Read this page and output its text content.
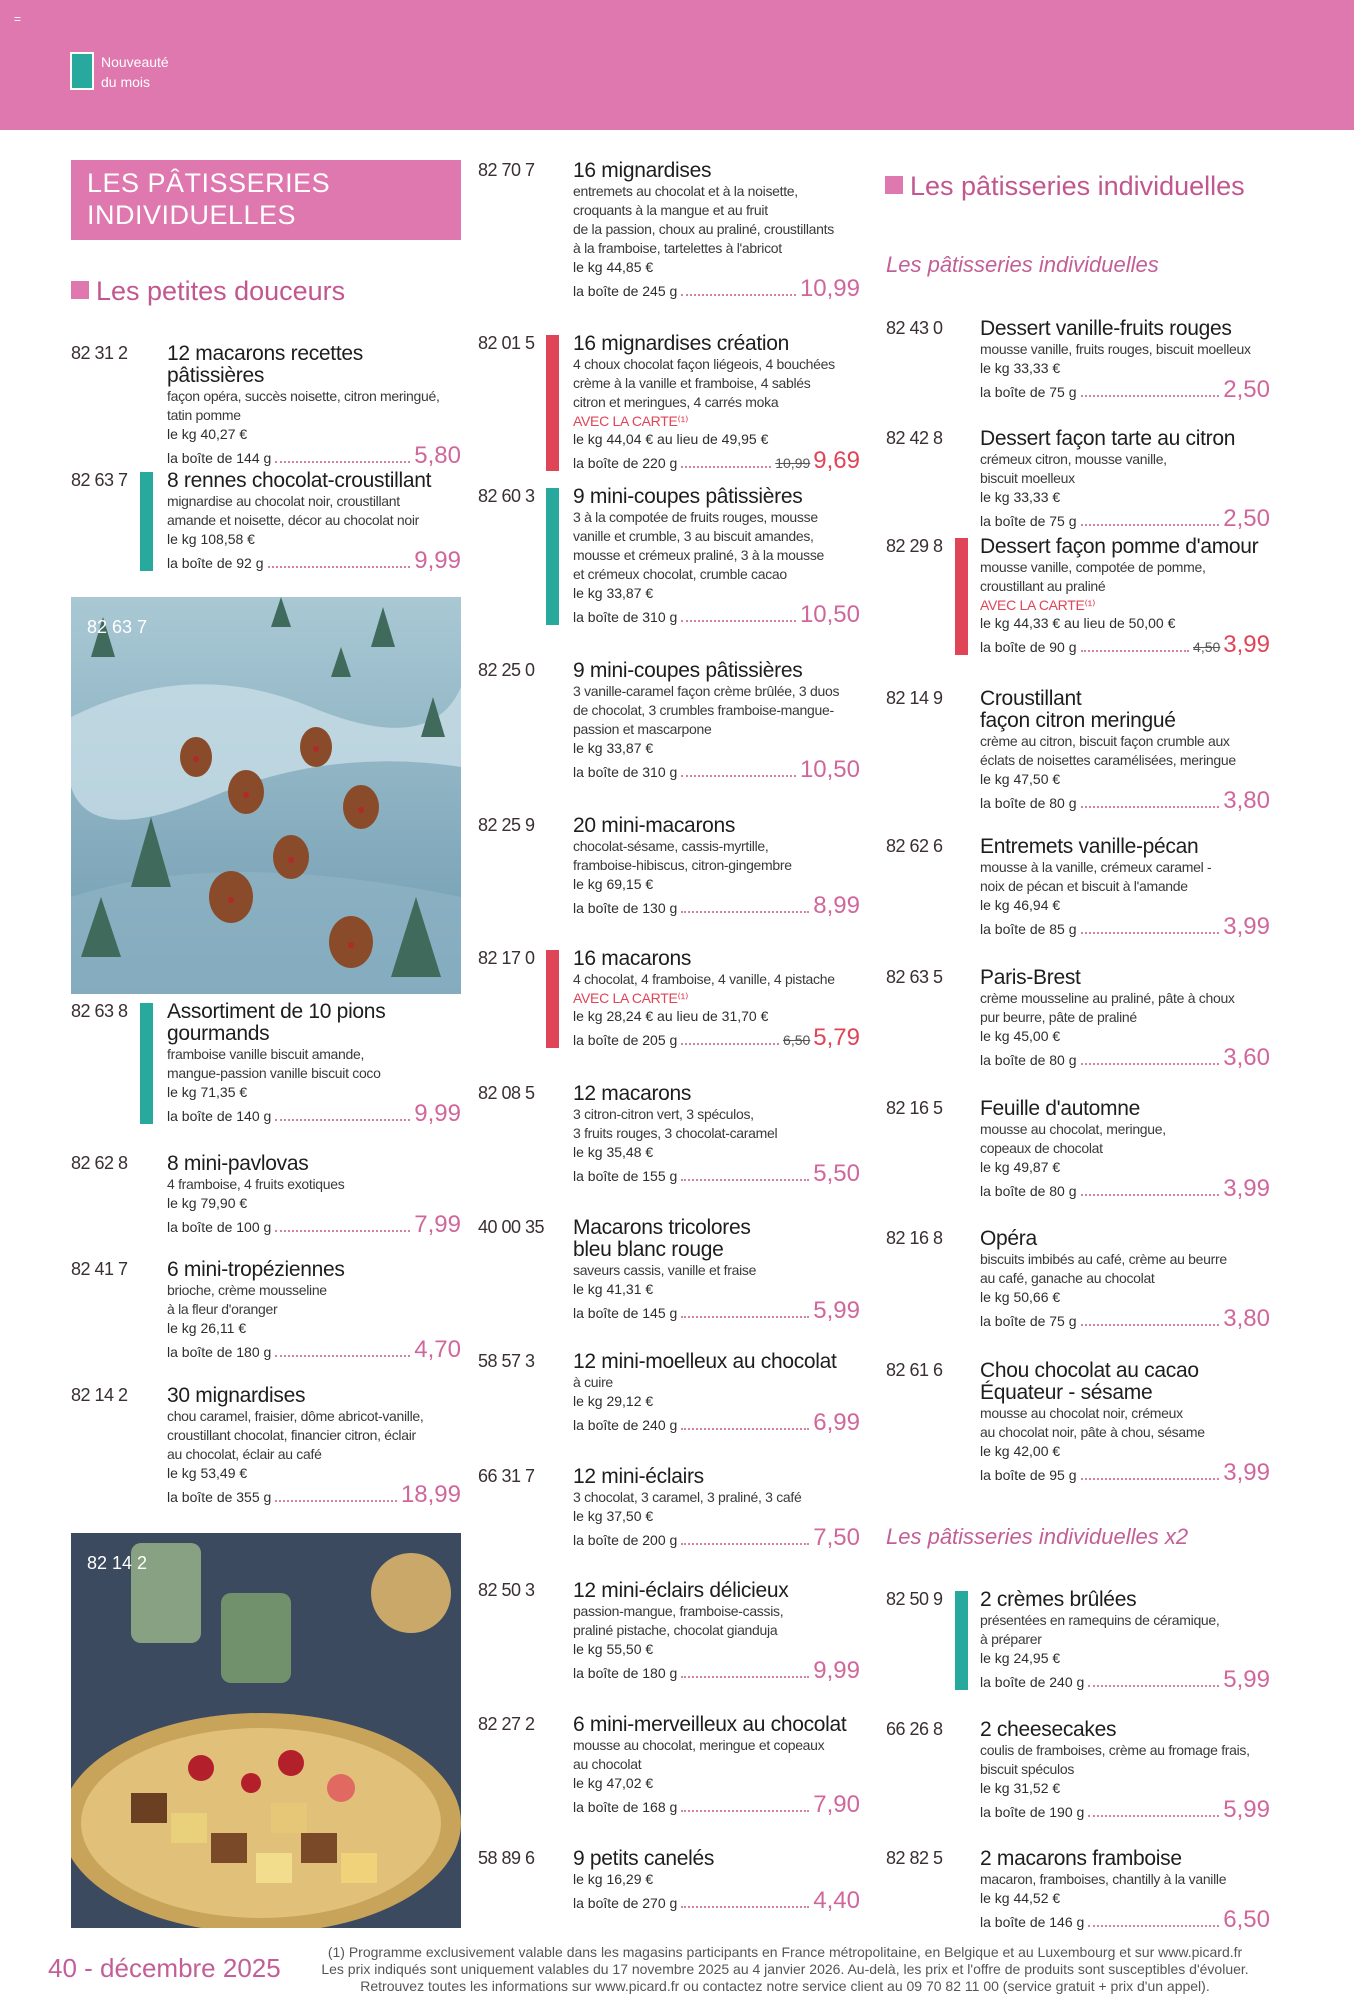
=
Nouveauté
du mois
LES PÂTISSERIES
INDIVIDUELLES
Les petites douceurs
Les pâtisseries individuelles
Les pâtisseries individuelles
Les pâtisseries individuelles x2
82 63 7
82 14 2
82 31 2 12 macarons recettes pâtissières
façon opéra, succès noisette, citron meringué,
tatin pomme
le kg 40,27 €
la boîte de 144 g	5,80
82 63 7 8 rennes chocolat-croustillant
mignardise au chocolat noir, croustillant
amande et noisette, décor au chocolat noir
le kg 108,58 €
la boîte de 92 g	9,99
82 63 8 Assortiment de 10 pions
gourmands
framboise vanille biscuit amande,
mangue-passion vanille biscuit coco
le kg 71,35 €
la boîte de 140 g	9,99
82 62 8 8 mini-pavlovas
4 framboise, 4 fruits exotiques
le kg 79,90 €
la boîte de 100 g	7,99
82 41 7 6 mini-tropéziennes
brioche, crème mousseline
à la fleur d'oranger
le kg 26,11 €
la boîte de 180 g	4,70
82 14 2 30 mignardises
chou caramel, fraisier, dôme abricot-vanille,
croustillant chocolat, financier citron, éclair
au chocolat, éclair au café
le kg 53,49 €
la boîte de 355 g	18,99
82 70 7 16 mignardises
entremets au chocolat et à la noisette,
croquants à la mangue et au fruit
de la passion, choux au praliné, croustillants
à la framboise, tartelettes à l'abricot
le kg 44,85 €
la boîte de 245 g	10,99
82 01 5 16 mignardises création
4 choux chocolat façon liégeois, 4 bouchées
crème à la vanille et framboise, 4 sablés
citron et meringues, 4 carrés moka
AVEC LA CARTE⁽¹⁾
le kg 44,04 € au lieu de 49,95 €
la boîte de 220 g	10,99 9,69
82 60 3 9 mini-coupes pâtissières
3 à la compotée de fruits rouges, mousse
vanille et crumble, 3 au biscuit amandes,
mousse et crémeux praliné, 3 à la mousse
et crémeux chocolat, crumble cacao
le kg 33,87 €
la boîte de 310 g	10,50
82 25 0 9 mini-coupes pâtissières
3 vanille-caramel façon crème brûlée, 3 duos
de chocolat, 3 crumbles framboise-mangue-
passion et mascarpone
le kg 33,87 €
la boîte de 310 g	10,50
82 25 9 20 mini-macarons
chocolat-sésame, cassis-myrtille,
framboise-hibiscus, citron-gingembre
le kg 69,15 €
la boîte de 130 g	8,99
82 17 0 16 macarons
4 chocolat, 4 framboise, 4 vanille, 4 pistache
AVEC LA CARTE⁽¹⁾
le kg 28,24 € au lieu de 31,70 €
la boîte de 205 g	6,50 5,79
82 08 5 12 macarons
3 citron-citron vert, 3 spéculos,
3 fruits rouges, 3 chocolat-caramel
le kg 35,48 €
la boîte de 155 g	5,50
40 00 35 Macarons tricolores
bleu blanc rouge
saveurs cassis, vanille et fraise
le kg 41,31 €
la boîte de 145 g	5,99
58 57 3 12 mini-moelleux au chocolat
à cuire
le kg 29,12 €
la boîte de 240 g	6,99
66 31 7 12 mini-éclairs
3 chocolat, 3 caramel, 3 praliné, 3 café
le kg 37,50 €
la boîte de 200 g	7,50
82 50 3 12 mini-éclairs délicieux
passion-mangue, framboise-cassis,
praliné pistache, chocolat gianduja
le kg 55,50 €
la boîte de 180 g	9,99
82 27 2 6 mini-merveilleux au chocolat
mousse au chocolat, meringue et copeaux
au chocolat
le kg 47,02 €
la boîte de 168 g	7,90
58 89 6 9 petits canelés
le kg 16,29 €
la boîte de 270 g	4,40
82 43 0 Dessert vanille-fruits rouges
mousse vanille, fruits rouges, biscuit moelleux
le kg 33,33 €
la boîte de 75 g	2,50
82 42 8 Dessert façon tarte au citron
crémeux citron, mousse vanille,
biscuit moelleux
le kg 33,33 €
la boîte de 75 g	2,50
82 29 8 Dessert façon pomme d'amour
mousse vanille, compotée de pomme,
croustillant au praliné
AVEC LA CARTE⁽¹⁾
le kg 44,33 € au lieu de 50,00 €
la boîte de 90 g	4,50 3,99
82 14 9 Croustillant
façon citron meringué
crème au citron, biscuit façon crumble aux
éclats de noisettes caramélisées, meringue
le kg 47,50 €
la boîte de 80 g	3,80
82 62 6 Entremets vanille-pécan
mousse à la vanille, crémeux caramel -
noix de pécan et biscuit à l'amande
le kg 46,94 €
la boîte de 85 g	3,99
82 63 5 Paris-Brest
crème mousseline au praliné, pâte à choux
pur beurre, pâte de praliné
le kg 45,00 €
la boîte de 80 g	3,60
82 16 5 Feuille d'automne
mousse au chocolat, meringue,
copeaux de chocolat
le kg 49,87 €
la boîte de 80 g	3,99
82 16 8 Opéra
biscuits imbibés au café, crème au beurre
au café, ganache au chocolat
le kg 50,66 €
la boîte de 75 g	3,80
82 61 6 Chou chocolat au cacao
Équateur - sésame
mousse au chocolat noir, crémeux
au chocolat noir, pâte à chou, sésame
le kg 42,00 €
la boîte de 95 g	3,99
82 50 9 2 crèmes brûlées
présentées en ramequins de céramique,
à préparer
le kg 24,95 €
la boîte de 240 g	5,99
66 26 8 2 cheesecakes
coulis de framboises, crème au fromage frais,
biscuit spéculos
le kg 31,52 €
la boîte de 190 g	5,99
82 82 5 2 macarons framboise
macaron, framboises, chantilly à la vanille
le kg 44,52 €
la boîte de 146 g	6,50
40 - décembre 2025
(1) Programme exclusivement valable dans les magasins participants en France métropolitaine, en Belgique et au Luxembourg et sur www.picard.fr
Les prix indiqués sont uniquement valables du 17 novembre 2025 au 4 janvier 2026. Au-delà, les prix et l'offre de produits sont susceptibles d'évoluer.
Retrouvez toutes les informations sur www.picard.fr ou contactez notre service client au 09 70 82 11 00 (service gratuit + prix d'un appel).
